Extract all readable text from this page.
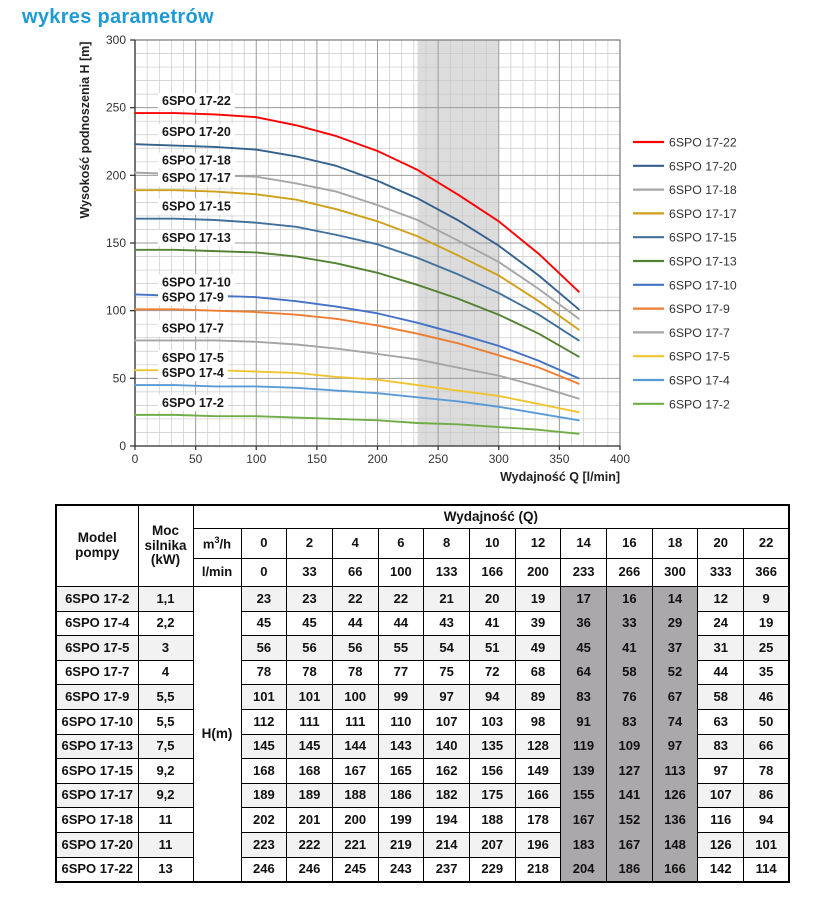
wykres parametrów
0	50	100	150	200	250	300	350	400
0
50
100
150
200
250
300
Wydajność Q [l/min]
Wysokość podnoszenia H [m]	6SPO 17-22
6SPO 17-20
6SPO 17-18
6SPO 17-17
6SPO 17-15
6SPO 17-13
6SPO 17-10
6SPO 17-9
6SPO 17-7
6SPO 17-5
6SPO 17-4
6SPO 17-2
6SPO 17-22
6SPO 17-20
6SPO 17-18
6SPO 17-17
6SPO 17-15
6SPO 17-13
6SPO 17-10
6SPO 17-9
6SPO 17-7
6SPO 17-5
6SPO 17-4
6SPO 17-2
Model pompy	Moc silnika (kW)	Wydajność (Q)												
		$m^3/h$	0	2	4	6	8	10	12	14	16	18	20	22
		l/min	0	33	66	100	133	166	200	233	266	300	333	366
6SPO 17-2	1,1	H(m)	23	23	22	22	21	20	19	17	16	14	12	9
6SPO 17-4	2,2		45	45	44	44	43	41	39	36	33	29	24	19
6SPO 17-5	3		56	56	56	55	54	51	49	45	41	37	31	25
6SPO 17-7	4		78	78	78	77	75	72	68	64	58	52	44	35
6SPO 17-9	5,5		101	101	100	99	97	94	89	83	76	67	58	46
6SPO 17-10	5,5		112	111	111	110	107	103	98	91	83	74	63	50
6SPO 17-13	7,5		145	145	144	143	140	135	128	119	109	97	83	66
6SPO 17-15	9,2		168	168	167	165	162	156	149	139	127	113	97	78
6SPO 17-17	9,2		189	189	188	186	182	175	166	155	141	126	107	86
6SPO 17-18	11		202	201	200	199	194	188	178	167	152	136	116	94
6SPO 17-20	11		223	222	221	219	214	207	196	183	167	148	126	101
6SPO 17-22	13		246	246	245	243	237	229	218	204	186	166	142	114
